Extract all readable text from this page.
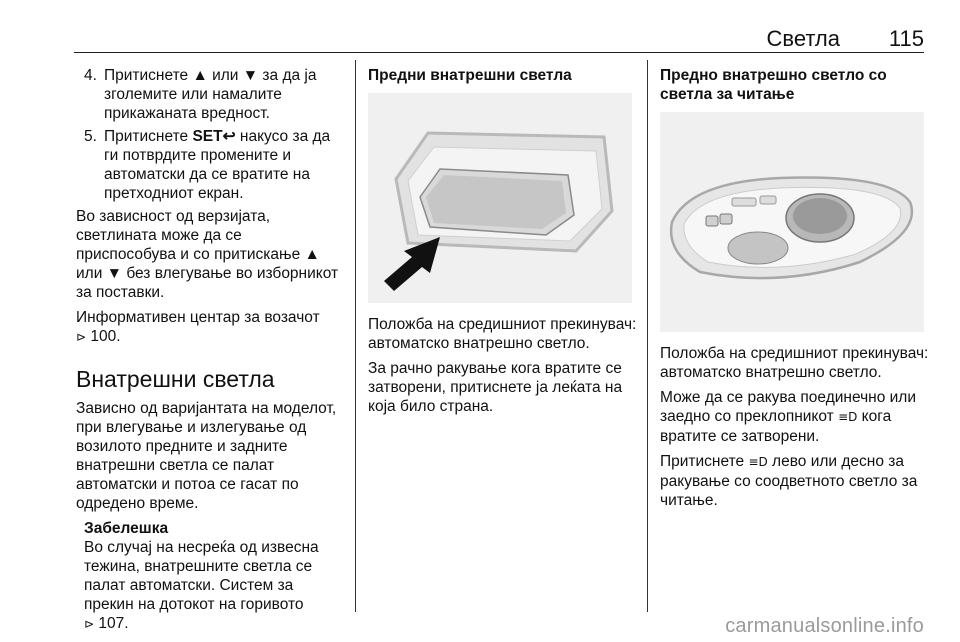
Светла 115
4. Притиснете ▲ или ▼ за да ја зголемите или намалите прикажаната вредност.
5. Притиснете SET↩ накусо за да ги потврдите промените и автоматски да се вратите на претходниот екран.

Во зависност од верзијата, светлината може да се приспособува и со притискање ▲ или ▼ без влегување во изборникот за поставки.

Информативен центар за возачот
⊳ 100.

Внатрешни светла

Зависно од варијантата на моделот, при влегување и излегување од возилото предните и задните внатрешни светла се палат автоматски и потоа се гасат по одредено време.

Забелешка
Во случај на несреќа од извесна тежина, внатрешните светла се палат автоматски. Систем за прекин на дотокот на горивото
⊳ 107.
Предни внатрешни светла

Положба на средишниот прекинувач: автоматско внатрешно светло.

За рачно ракување кога вратите се затворени, притиснете ја леќата на која било страна.

Предно внатрешно светло со светла за читање

Положба на средишниот прекинувач: автоматско внатрешно светло.

Може да се ракува поединечно или заедно со преклопникот ≡D кога вратите се затворени.

Притиснете ≡D лево или десно за ракување со соодветното светло за читање.

carmanualsonline.info
